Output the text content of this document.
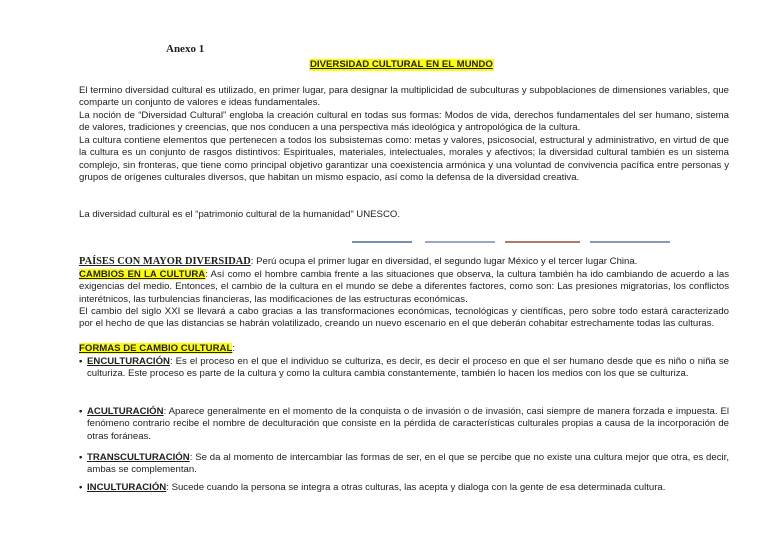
Anexo 1
DIVERSIDAD CULTURAL EN EL MUNDO
El termino diversidad cultural es utilizado, en primer lugar, para designar la multiplicidad de subculturas y subpoblaciones de dimensiones variables, que comparte un conjunto de valores e ideas fundamentales.
La noción de “Diversidad Cultural” engloba la creación cultural en todas sus formas: Modos de vida, derechos fundamentales del ser humano, sistema de valores, tradiciones y creencias, que nos conducen a una perspectiva más ideológica y antropológica de la cultura.
La cultura contiene elementos que pertenecen a todos los subsistemas como: metas y valores, psicosocial, estructural y administrativo, en virtud de que la cultura es un conjunto de rasgos distintivos: Espirituales, materiales, intelectuales, morales y afectivos; la diversidad cultural también es un sistema complejo, sin fronteras, que tiene como principal objetivo garantizar una coexistencia armónica y una voluntad de convivencia pacífica entre personas y grupos de orígenes culturales diversos, que habitan un mismo espacio, así como la defensa de la diversidad creativa.
La diversidad cultural es el “patrimonio cultural de la humanidad” UNESCO.
PAÍSES CON MAYOR DIVERSIDAD: Perú ocupa el primer lugar en diversidad, el segundo lugar México y el tercer lugar China.
CAMBIOS EN LA CULTURA: Así como el hombre cambia frente a las situaciones que observa, la cultura también ha ido cambiando de acuerdo a las exigencias del medio. Entonces, el cambio de la cultura en el mundo se debe a diferentes factores, como son: Las presiones migratorias, los conflictos interétnicos, las turbulencias financieras, las modificaciones de las estructuras económicas.
El cambio del siglo XXI se llevará a cabo gracias a las transformaciones económicas, tecnológicas y científicas, pero sobre todo estará caracterizado por el hecho de que las distancias se habrán volatilizado, creando un nuevo escenario en el que deberán cohabitar estrechamente todas las culturas.
FORMAS DE CAMBIO CULTURAL:
• ENCULTURACIÓN: Es el proceso en el que el individuo se culturiza, es decir, es decir el proceso en que el ser humano desde que es niño o niña se culturiza. Este proceso es parte de la cultura y como la cultura cambia constantemente, también lo hacen los medios con los que se culturiza.
• ACULTURACIÓN: Aparece generalmente en el momento de la conquista o de invasión o de invasión, casi siempre de manera forzada e impuesta. El fenómeno contrario recibe el nombre de deculturación que consiste en la pérdida de características culturales propias a causa de la incorporación de otras foráneas.
• TRANSCULTURACIÓN: Se da al momento de intercambiar las formas de ser, en el que se percibe que no existe una cultura mejor que otra, es decir, ambas se complementan.
• INCULTURACIÓN: Sucede cuando la persona se integra a otras culturas, las acepta y dialoga con la gente de esa determinada cultura.
